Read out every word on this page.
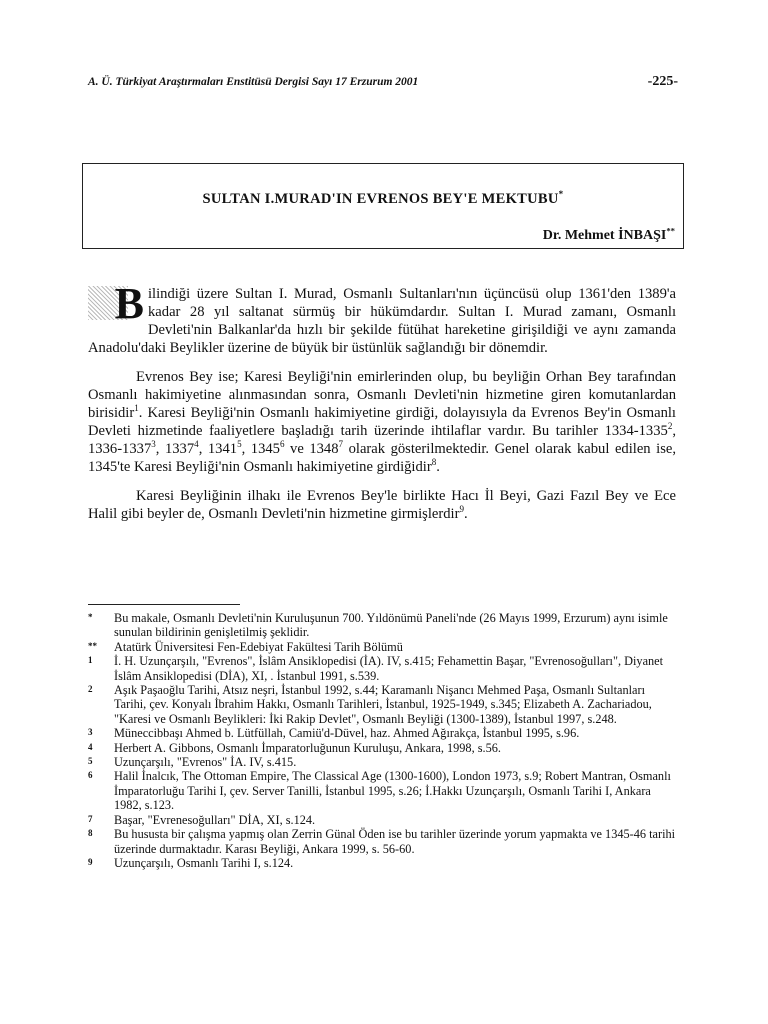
A. Ü. Türkiyat Araştırmaları Enstitüsü Dergisi Sayı 17 Erzurum 2001	-225-
SULTAN I.MURAD'IN EVRENOS BEY'E MEKTUBU*
Dr. Mehmet İNBAŞI**

B ilindiği üzere Sultan I. Murad, Osmanlı Sultanları'nın üçüncüsü olup 1361'den 1389'a kadar 28 yıl saltanat sürmüş bir hükümdardır. Sultan I. Murad zamanı, Osmanlı Devleti'nin Balkanlar'da hızlı bir şekilde fütühat hareketine girişildiği ve aynı zamanda Anadolu'daki Beylikler üzerine de büyük bir üstünlük sağlandığı bir dönemdir.

Evrenos Bey ise; Karesi Beyliği'nin emirlerinden olup, bu beyliğin Orhan Bey tarafından Osmanlı hakimiyetine alınmasından sonra, Osmanlı Devleti'nin hizmetine giren komutanlardan birisidir$^1$. Karesi Beyliği'nin Osmanlı hakimiyetine girdiği, dolayısıyla da Evrenos Bey'in Osmanlı Devleti hizmetinde faaliyetlere başladığı tarih üzerinde ihtilaflar vardır. Bu tarihler 1334-1335$^2$, 1336-1337$^3$, 1337$^4$, 1341$^5$, 1345$^6$ ve 1348$^7$ olarak gösterilmektedir. Genel olarak kabul edilen ise, 1345'te Karesi Beyliği'nin Osmanlı hakimiyetine girdiğidir$^8$.

Karesi Beyliğinin ilhakı ile Evrenos Bey'le birlikte Hacı İl Beyi, Gazi Fazıl Bey ve Ece Halil gibi beyler de, Osmanlı Devleti'nin hizmetine girmişlerdir$^9$.

* Bu makale, Osmanlı Devleti'nin Kuruluşunun 700. Yıldönümü Paneli'nde (26 Mayıs 1999, Erzurum) aynı isimle sunulan bildirinin genişletilmiş şeklidir.
** Atatürk Üniversitesi Fen-Edebiyat Fakültesi Tarih Bölümü
1 İ. H. Uzunçarşılı, "Evrenos", İslâm Ansiklopedisi (İA). IV, s.415; Fehamettin Başar, "Evrenosoğulları", Diyanet İslâm Ansiklopedisi (DİA), XI, . İstanbul 1991, s.539.
2 Aşık Paşaoğlu Tarihi, Atsız neşri, İstanbul 1992, s.44; Karamanlı Nişancı Mehmed Paşa, Osmanlı Sultanları Tarihi, çev. Konyalı İbrahim Hakkı, Osmanlı Tarihleri, İstanbul, 1925-1949, s.345; Elizabeth A. Zachariadou, "Karesi ve Osmanlı Beylikleri: İki Rakip Devlet", Osmanlı Beyliği (1300-1389), İstanbul 1997, s.248.
3 Müneccibbaşı Ahmed b. Lütfüllah, Camiü'd-Düvel, haz. Ahmed Ağırakça, İstanbul 1995, s.96.
4 Herbert A. Gibbons, Osmanlı İmparatorluğunun Kuruluşu, Ankara, 1998, s.56.
5 Uzunçarşılı, "Evrenos" İA. IV, s.415.
6 Halil İnalcık, The Ottoman Empire, The Classical Age (1300-1600), London 1973, s.9; Robert Mantran, Osmanlı İmparatorluğu Tarihi I, çev. Server Tanilli, İstanbul 1995, s.26; İ.Hakkı Uzunçarşılı, Osmanlı Tarihi I, Ankara 1982, s.123.
7 Başar, "Evrenesoğulları" DİA, XI, s.124.
8 Bu hususta bir çalışma yapmış olan Zerrin Günal Öden ise bu tarihler üzerinde yorum yapmakta ve 1345-46 tarihi üzerinde durmaktadır. Karası Beyliği, Ankara 1999, s. 56-60.
9 Uzunçarşılı, Osmanlı Tarihi I, s.124.
